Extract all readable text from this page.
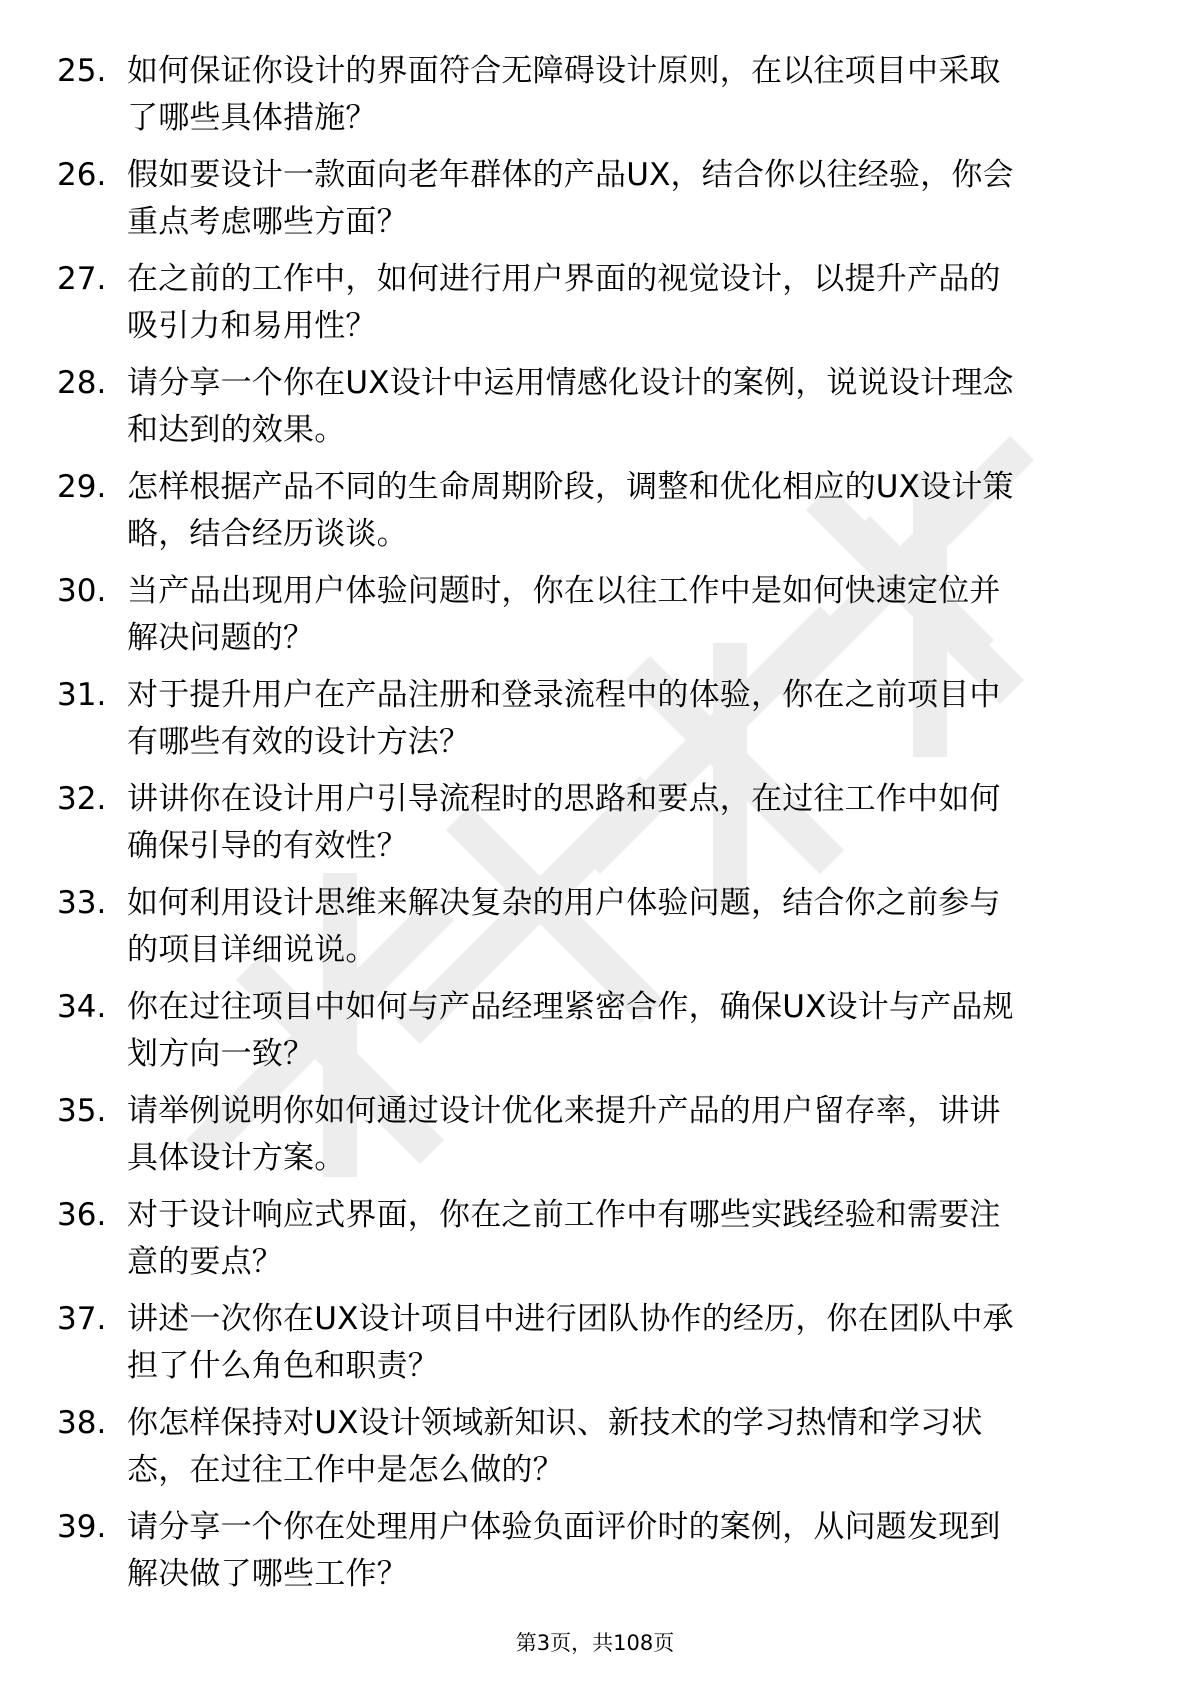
25. 如何保证你设计的界面符合无障碍设计原则，在以往项目中采取
了哪些具体措施？
26. 假如要设计一款面向老年群体的产品UX，结合你以往经验，你会
重点考虑哪些方面？
27. 在之前的工作中，如何进行用户界面的视觉设计，以提升产品的
吸引力和易用性？
28. 请分享一个你在UX设计中运用情感化设计的案例，说说设计理念
和达到的效果。
29. 怎样根据产品不同的生命周期阶段，调整和优化相应的UX设计策
略，结合经历谈谈。
30. 当产品出现用户体验问题时，你在以往工作中是如何快速定位并
解决问题的？
31. 对于提升用户在产品注册和登录流程中的体验，你在之前项目中
有哪些有效的设计方法？
32. 讲讲你在设计用户引导流程时的思路和要点，在过往工作中如何
确保引导的有效性？
33. 如何利用设计思维来解决复杂的用户体验问题，结合你之前参与
的项目详细说说。
34. 你在过往项目中如何与产品经理紧密合作，确保UX设计与产品规
划方向一致？
35. 请举例说明你如何通过设计优化来提升产品的用户留存率，讲讲
具体设计方案。
36. 对于设计响应式界面，你在之前工作中有哪些实践经验和需要注
意的要点？
37. 讲述一次你在UX设计项目中进行团队协作的经历，你在团队中承
担了什么角色和职责？
38. 你怎样保持对UX设计领域新知识、新技术的学习热情和学习状
态，在过往工作中是怎么做的？
39. 请分享一个你在处理用户体验负面评价时的案例，从问题发现到
解决做了哪些工作？
第3页，共108页
